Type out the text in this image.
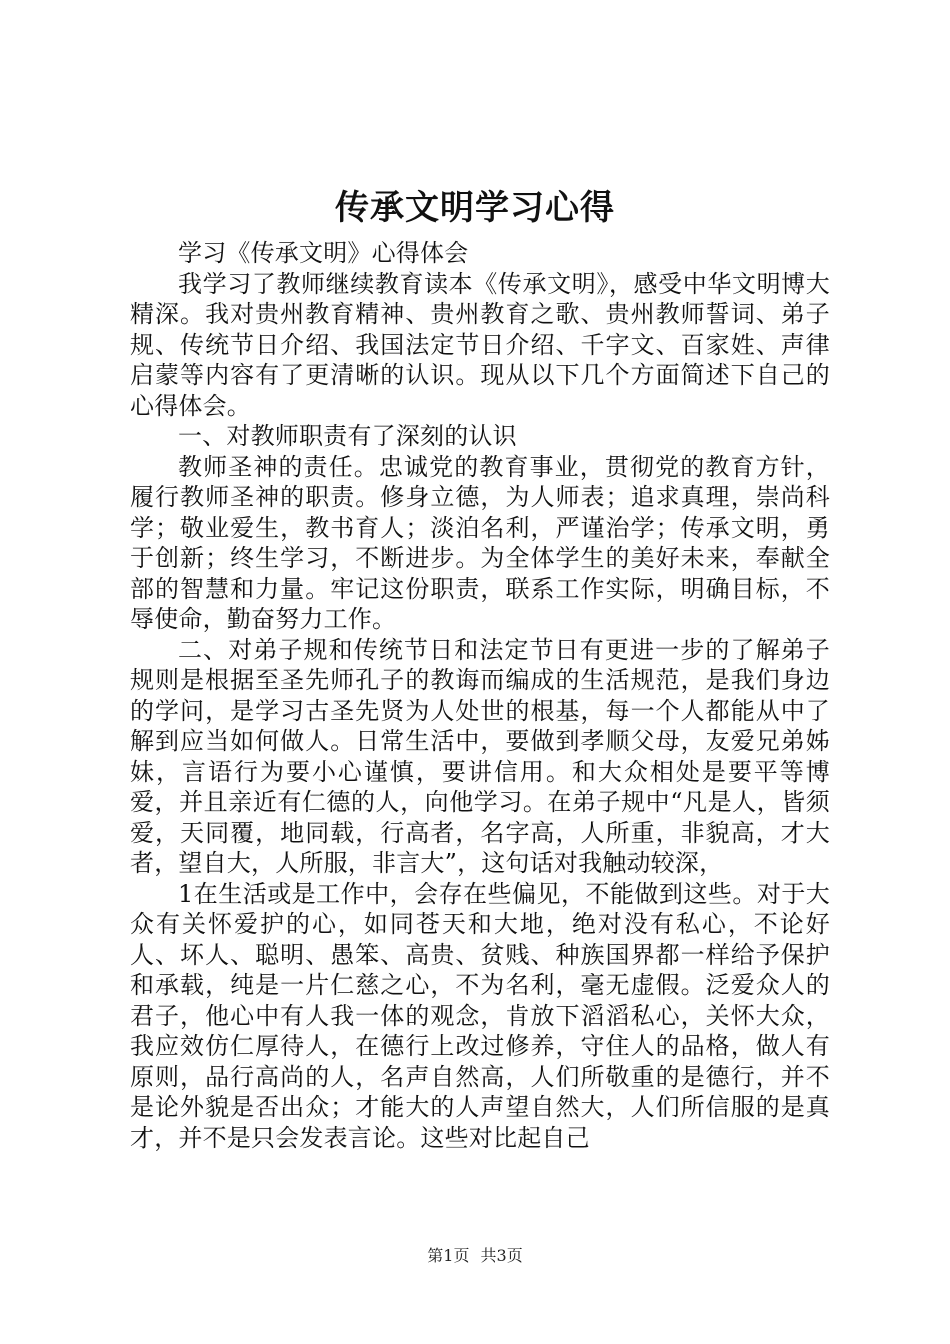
传承文明学习心得

学习《传承文明》心得体会

我学习了教师继续教育读本《传承文明》，感受中华文明博大精深。我对贵州教育精神、贵州教育之歌、贵州教师誓词、弟子规、传统节日介绍、我国法定节日介绍、千字文、百家姓、声律启蒙等内容有了更清晰的认识。现从以下几个方面简述下自己的心得体会。

一、对教师职责有了深刻的认识

教师圣神的责任。忠诚党的教育事业，贯彻党的教育方针，履行教师圣神的职责。修身立德，为人师表；追求真理，崇尚科学；敬业爱生，教书育人；淡泊名利，严谨治学；传承文明，勇于创新；终生学习，不断进步。为全体学生的美好未来，奉献全部的智慧和力量。牢记这份职责，联系工作实际，明确目标，不辱使命，勤奋努力工作。

二、对弟子规和传统节日和法定节日有更进一步的了解弟子规则是根据至圣先师孔子的教诲而编成的生活规范，是我们身边的学问，是学习古圣先贤为人处世的根基，每一个人都能从中了解到应当如何做人。日常生活中，要做到孝顺父母，友爱兄弟姊妹，言语行为要小心谨慎，要讲信用。和大众相处是要平等博爱，并且亲近有仁德的人，向他学习。在弟子规中“凡是人，皆须爱，天同覆，地同载，行高者，名字高，人所重，非貌高，才大者，望自大，人所服，非言大”，这句话对我触动较深，

1在生活或是工作中，会存在些偏见，不能做到这些。对于大众有关怀爱护的心，如同苍天和大地，绝对没有私心，不论好人、坏人、聪明、愚笨、高贵、贫贱、种族国界都一样给予保护和承载，纯是一片仁慈之心，不为名利，毫无虚假。泛爱众人的君子，他心中有人我一体的观念，肯放下滔滔私心，关怀大众，我应效仿仁厚待人，在德行上改过修养，守住人的品格，做人有原则，品行高尚的人，名声自然高，人们所敬重的是德行，并不是论外貌是否出众；才能大的人声望自然大，人们所信服的是真才，并不是只会发表言论。这些对比起自己

第1页 共3页
